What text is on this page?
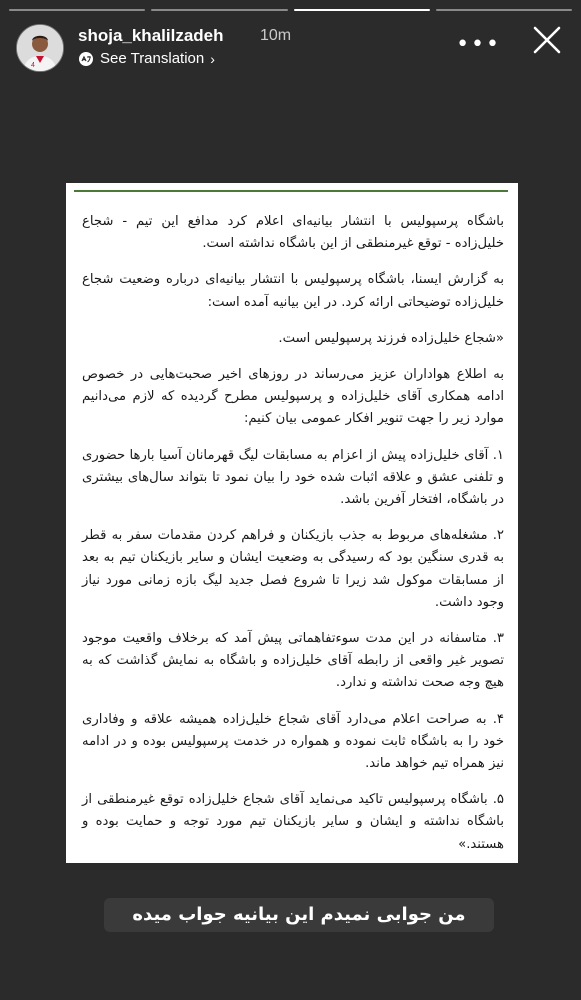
4
shoja_khalilzadeh 10m
See Translation ›
•••

باشگاه پرسپولیس با انتشار بیانیه‌ای اعلام کرد مدافع این تیم - شجاع خلیل‌زاده - توقع غیرمنطقی از این باشگاه نداشته است.

به گزارش ایسنا، باشگاه پرسپولیس با انتشار بیانیه‌ای درباره وضعیت شجاع خلیل‌زاده توضیحاتی ارائه کرد. در این بیانیه آمده است:

«شجاع خلیل‌زاده فرزند پرسپولیس است.

به اطلاع هواداران عزیز می‌رساند در روزهای اخیر صحبت‌هایی در خصوص ادامه همکاری آقای خلیل‌زاده و پرسپولیس مطرح گردیده که لازم می‌دانیم موارد زیر را جهت تنویر افکار عمومی بیان کنیم:

۱. آقای خلیل‌زاده پیش از اعزام به مسابقات لیگ قهرمانان آسیا بارها حضوری و تلفنی عشق و علاقه اثبات شده خود را بیان نمود تا بتواند سال‌های بیشتری در باشگاه، افتخار آفرین باشد.

۲. مشغله‌های مربوط به جذب بازیکنان و فراهم کردن مقدمات سفر به قطر به قدری سنگین بود که رسیدگی به وضعیت ایشان و سایر بازیکنان تیم به بعد از مسابقات موکول شد زیرا تا شروع فصل جدید لیگ بازه زمانی مورد نیاز وجود داشت.

۳. متاسفانه در این مدت سوءتفاهماتی پیش آمد که برخلاف واقعیت موجود تصویر غیر واقعی از رابطه آقای خلیل‌زاده و باشگاه به نمایش گذاشت که به هیچ وجه صحت نداشته و ندارد.

۴. به صراحت اعلام می‌دارد آقای شجاع خلیل‌زاده همیشه علاقه و وفاداری خود را به باشگاه ثابت نموده و همواره در خدمت پرسپولیس بوده و در ادامه نیز همراه تیم خواهد ماند.

۵. باشگاه پرسپولیس تاکید می‌نماید آقای شجاع خلیل‌زاده توقع غیرمنطقی از باشگاه نداشته و ایشان و سایر بازیکنان تیم مورد توجه و حمایت بوده و هستند.»

من جوابی نمیدم این بیانیه جواب میده
